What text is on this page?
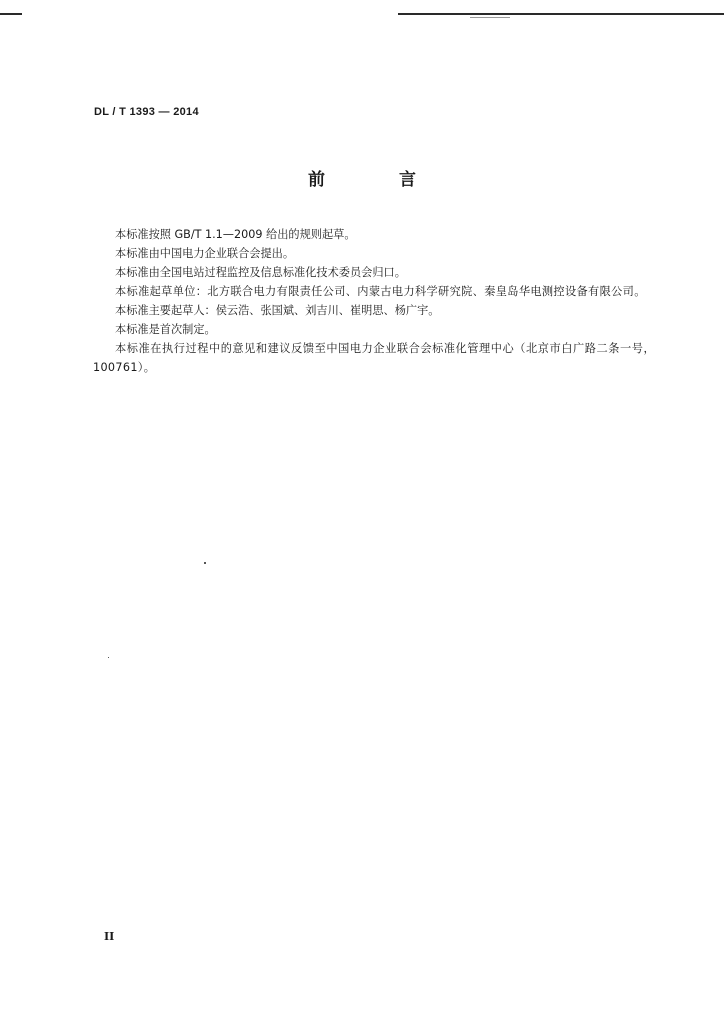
DL / T 1393 — 2014
前 言

本标准按照 GB/T 1.1—2009 给出的规则起草。

本标准由中国电力企业联合会提出。

本标准由全国电站过程监控及信息标准化技术委员会归口。

本标准起草单位：北方联合电力有限责任公司、内蒙古电力科学研究院、秦皇岛华电测控设备有限公司。

本标准主要起草人：侯云浩、张国斌、刘吉川、崔明思、杨广宇。

本标准是首次制定。

本标准在执行过程中的意见和建议反馈至中国电力企业联合会标准化管理中心（北京市白广路二条一号，100761）。

II
